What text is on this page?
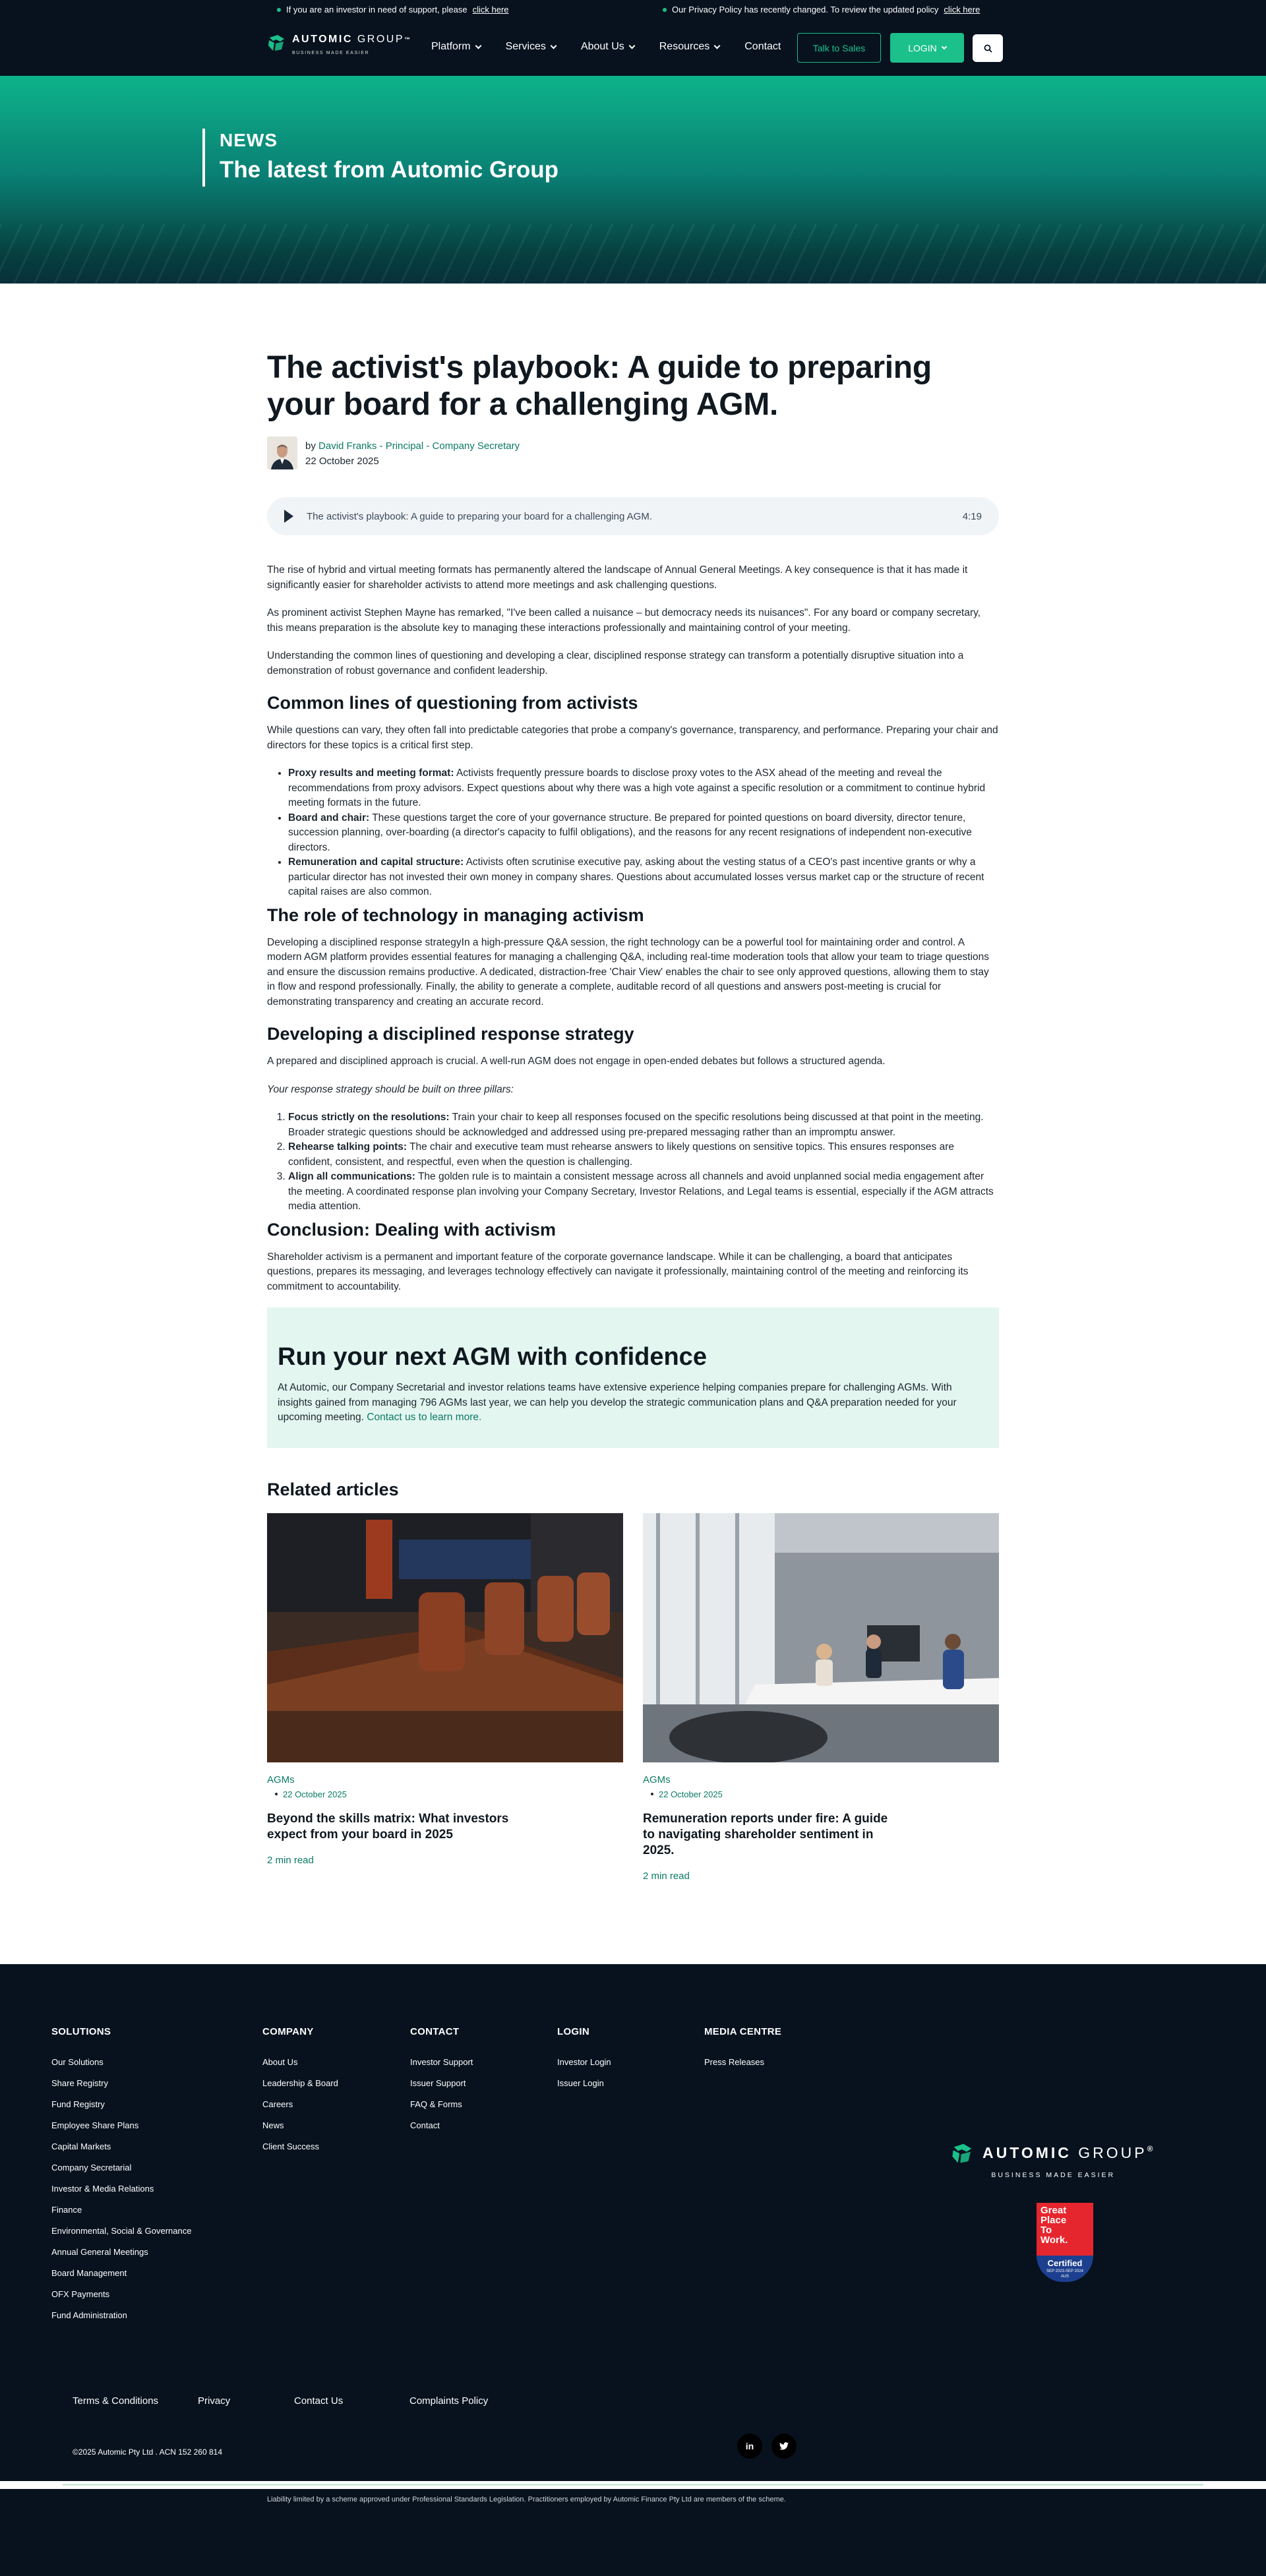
If you are an investor in need of support, please click here	Our Privacy Policy has recently changed. To review the updated policy click here
AUTOMIC GROUP™
BUSINESS MADE EASIER
Platform	Services	About Us	Resources	Contact	Talk to Sales	LOGIN
NEWS
The latest from Automic Group
The activist's playbook: A guide to preparing your board for a challenging AGM.
by David Franks - Principal - Company Secretary
22 October 2025
The activist's playbook: A guide to preparing your board for a challenging AGM.	4:19

The rise of hybrid and virtual meeting formats has permanently altered the landscape of Annual General Meetings. A key consequence is that it has made it significantly easier for shareholder activists to attend more meetings and ask challenging questions.

As prominent activist Stephen Mayne has remarked, "I've been called a nuisance – but democracy needs its nuisances". For any board or company secretary, this means preparation is the absolute key to managing these interactions professionally and maintaining control of your meeting.

Understanding the common lines of questioning and developing a clear, disciplined response strategy can transform a potentially disruptive situation into a demonstration of robust governance and confident leadership.

Common lines of questioning from activists

While questions can vary, they often fall into predictable categories that probe a company's governance, transparency, and performance. Preparing your chair and directors for these topics is a critical first step.

• Proxy results and meeting format: Activists frequently pressure boards to disclose proxy votes to the ASX ahead of the meeting and reveal the recommendations from proxy advisors. Expect questions about why there was a high vote against a specific resolution or a commitment to continue hybrid meeting formats in the future.
• Board and chair: These questions target the core of your governance structure. Be prepared for pointed questions on board diversity, director tenure, succession planning, over-boarding (a director's capacity to fulfil obligations), and the reasons for any recent resignations of independent non-executive directors.
• Remuneration and capital structure: Activists often scrutinise executive pay, asking about the vesting status of a CEO's past incentive grants or why a particular director has not invested their own money in company shares. Questions about accumulated losses versus market cap or the structure of recent capital raises are also common.
The role of technology in managing activism

Developing a disciplined response strategyIn a high-pressure Q&A session, the right technology can be a powerful tool for maintaining order and control. A modern AGM platform provides essential features for managing a challenging Q&A, including real-time moderation tools that allow your team to triage questions and ensure the discussion remains productive. A dedicated, distraction-free 'Chair View' enables the chair to see only approved questions, allowing them to stay in flow and respond professionally. Finally, the ability to generate a complete, auditable record of all questions and answers post-meeting is crucial for demonstrating transparency and creating an accurate record.

Developing a disciplined response strategy

A prepared and disciplined approach is crucial. A well-run AGM does not engage in open-ended debates but follows a structured agenda.

Your response strategy should be built on three pillars:

1. Focus strictly on the resolutions: Train your chair to keep all responses focused on the specific resolutions being discussed at that point in the meeting. Broader strategic questions should be acknowledged and addressed using pre-prepared messaging rather than an impromptu answer.
2. Rehearse talking points: The chair and executive team must rehearse answers to likely questions on sensitive topics. This ensures responses are confident, consistent, and respectful, even when the question is challenging.
3. Align all communications: The golden rule is to maintain a consistent message across all channels and avoid unplanned social media engagement after the meeting. A coordinated response plan involving your Company Secretary, Investor Relations, and Legal teams is essential, especially if the AGM attracts media attention.
Conclusion: Dealing with activism

Shareholder activism is a permanent and important feature of the corporate governance landscape. While it can be challenging, a board that anticipates questions, prepares its messaging, and leverages technology effectively can navigate it professionally, maintaining control of the meeting and reinforcing its commitment to accountability.

Run your next AGM with confidence

At Automic, our Company Secretarial and investor relations teams have extensive experience helping companies prepare for challenging AGMs. With insights gained from managing 796 AGMs last year, we can help you develop the strategic communication plans and Q&A preparation needed for your upcoming meeting. Contact us to learn more.

Related articles
AGMs
22 October 2025
Beyond the skills matrix: What investors expect from your board in 2025
2 min read
AGMs
22 October 2025
Remuneration reports under fire: A guide to navigating shareholder sentiment in 2025.
2 min read
SOLUTIONS
Our Solutions
Share Registry
Fund Registry
Employee Share Plans
Capital Markets
Company Secretarial
Investor & Media Relations
Finance
Environmental, Social & Governance
Annual General Meetings
Board Management
OFX Payments
Fund Administration
COMPANY
About Us
Leadership & Board
Careers
News
Client Success
CONTACT
Investor Support
Issuer Support
FAQ & Forms
Contact
LOGIN
Investor Login
Issuer Login
MEDIA CENTRE
Press Releases
AUTOMIC GROUP®
BUSINESS MADE EASIER
Great
Place
To
Work.
Certified
SEP 2023-SEP 2024
AUS
Terms & Conditions	Privacy	Contact Us	Complaints Policy
©2025 Automic Pty Ltd . ACN 152 260 814
in
Liability limited by a scheme approved under Professional Standards Legislation. Practitioners employed by Automic Finance Pty Ltd are members of the scheme.
